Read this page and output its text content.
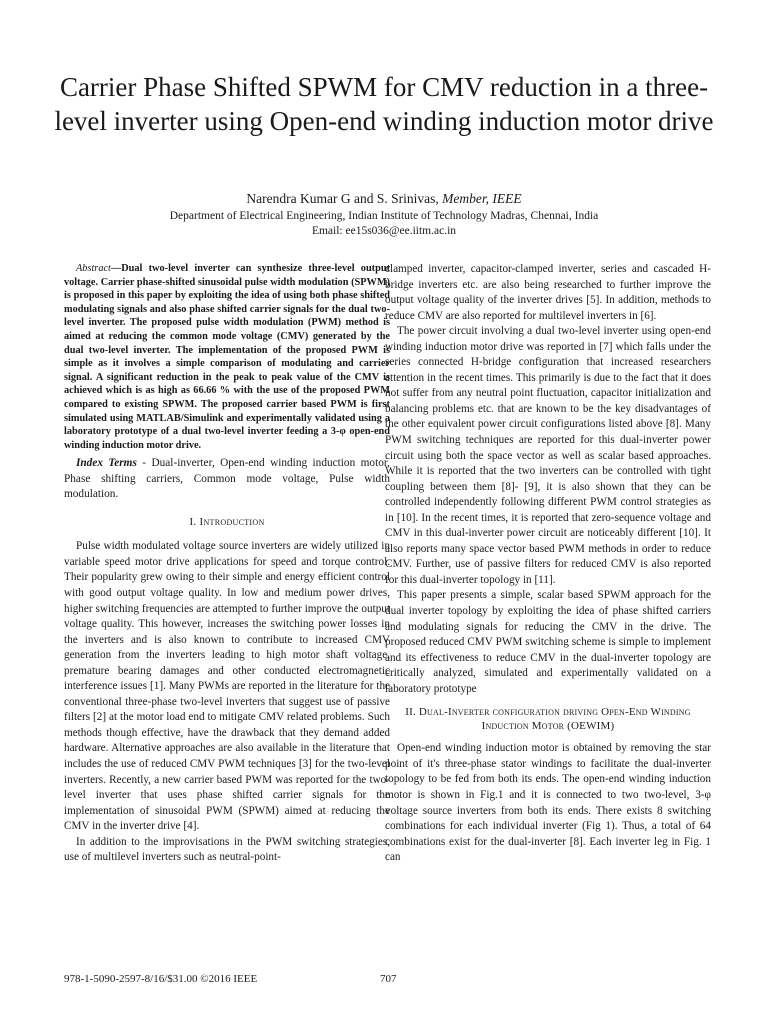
Carrier Phase Shifted SPWM for CMV reduction in a three-level inverter using Open-end winding induction motor drive
Narendra Kumar G and S. Srinivas, Member, IEEE
Department of Electrical Engineering, Indian Institute of Technology Madras, Chennai, India
Email: ee15s036@ee.iitm.ac.in

Abstract—Dual two-level inverter can synthesize three-level output voltage. Carrier phase-shifted sinusoidal pulse width modulation (SPWM) is proposed in this paper by exploiting the idea of using both phase shifted modulating signals and also phase shifted carrier signals for the dual two-level inverter. The proposed pulse width modulation (PWM) method is aimed at reducing the common mode voltage (CMV) generated by the dual two-level inverter. The implementation of the proposed PWM is simple as it involves a simple comparison of modulating and carrier signal. A significant reduction in the peak to peak value of the CMV is achieved which is as high as 66.66 % with the use of the proposed PWM compared to existing SPWM. The proposed carrier based PWM is first simulated using MATLAB/Simulink and experimentally validated using a laboratory prototype of a dual two-level inverter feeding a 3-φ open-end winding induction motor drive.

Index Terms - Dual-inverter, Open-end winding induction motor, Phase shifting carriers, Common mode voltage, Pulse width modulation.

I. Introduction

Pulse width modulated voltage source inverters are widely utilized in variable speed motor drive applications for speed and torque control. Their popularity grew owing to their simple and energy efficient control with good output voltage quality. In low and medium power drives, higher switching frequencies are attempted to further improve the output voltage quality. This however, increases the switching power losses in the inverters and is also known to contribute to increased CMV generation from the inverters leading to high motor shaft voltage, premature bearing damages and other conducted electromagnetic interference issues [1]. Many PWMs are reported in the literature for the conventional three-phase two-level inverters that suggest use of passive filters [2] at the motor load end to mitigate CMV related problems. Such methods though effective, have the drawback that they demand added hardware. Alternative approaches are also available in the literature that includes the use of reduced CMV PWM techniques [3] for the two-level inverters. Recently, a new carrier based PWM was reported for the two-level inverter that uses phase shifted carrier signals for the implementation of sinusoidal PWM (SPWM) aimed at reducing the CMV in the inverter drive [4].

In addition to the improvisations in the PWM switching strategies, use of multilevel inverters such as neutral-point-

clamped inverter, capacitor-clamped inverter, series and cascaded H-bridge inverters etc. are also being researched to further improve the output voltage quality of the inverter drives [5]. In addition, methods to reduce CMV are also reported for multilevel inverters in [6].

The power circuit involving a dual two-level inverter using open-end winding induction motor drive was reported in [7] which falls under the series connected H-bridge configuration that increased researchers attention in the recent times. This primarily is due to the fact that it does not suffer from any neutral point fluctuation, capacitor initialization and balancing problems etc. that are known to be the key disadvantages of the other equivalent power circuit configurations listed above [8]. Many PWM switching techniques are reported for this dual-inverter power circuit using both the space vector as well as scalar based approaches. While it is reported that the two inverters can be controlled with tight coupling between them [8]- [9], it is also shown that they can be controlled independently following different PWM control strategies as in [10]. In the recent times, it is reported that zero-sequence voltage and CMV in this dual-inverter power circuit are noticeably different [10]. It also reports many space vector based PWM methods in order to reduce CMV. Further, use of passive filters for reduced CMV is also reported for this dual-inverter topology in [11].

This paper presents a simple, scalar based SPWM approach for the dual inverter topology by exploiting the idea of phase shifted carriers and modulating signals for reducing the CMV in the drive. The proposed reduced CMV PWM switching scheme is simple to implement and its effectiveness to reduce CMV in the dual-inverter topology are critically analyzed, simulated and experimentally validated on a laboratory prototype

II. Dual-Inverter configuration driving Open-End Winding Induction Motor (OEWIM)

Open-end winding induction motor is obtained by removing the star point of it's three-phase stator windings to facilitate the dual-inverter topology to be fed from both its ends. The open-end winding induction motor is shown in Fig.1 and it is connected to two two-level, 3-φ voltage source inverters from both its ends. There exists 8 switching combinations for each individual inverter (Fig 1). Thus, a total of 64 combinations exist for the dual-inverter [8]. Each inverter leg in Fig. 1 can

978-1-5090-2597-8/16/$31.00 ©2016 IEEE	707
